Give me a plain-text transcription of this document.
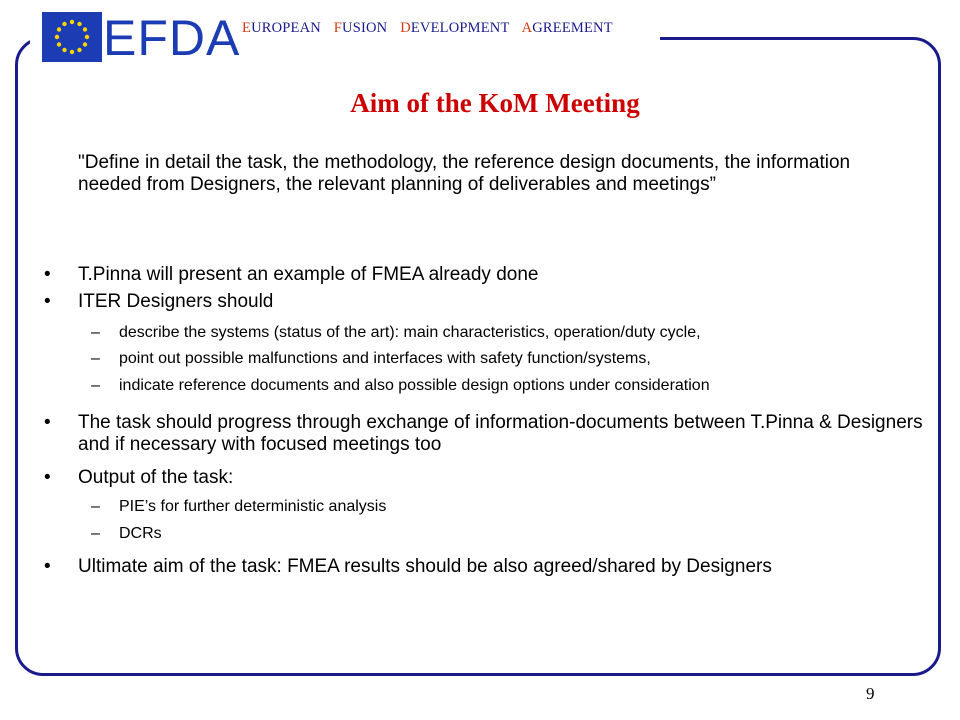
EFDA EUROPEAN FUSION DEVELOPMENT AGREEMENT
Aim of the KoM Meeting
"Define in detail the task, the methodology, the reference design documents, the information needed from Designers, the relevant planning of deliverables and meetings”
• T.Pinna will present an example of FMEA already done
• ITER Designers should
– describe the systems (status of the art): main characteristics, operation/duty cycle,
– point out possible malfunctions and interfaces with safety function/systems,
– indicate reference documents and also possible design options under consideration
• The task should progress through exchange of information-documents between T.Pinna & Designers and if necessary with focused meetings too
• Output of the task:
– PIE’s for further deterministic analysis
– DCRs
• Ultimate aim of the task: FMEA results should be also agreed/shared by Designers
9
